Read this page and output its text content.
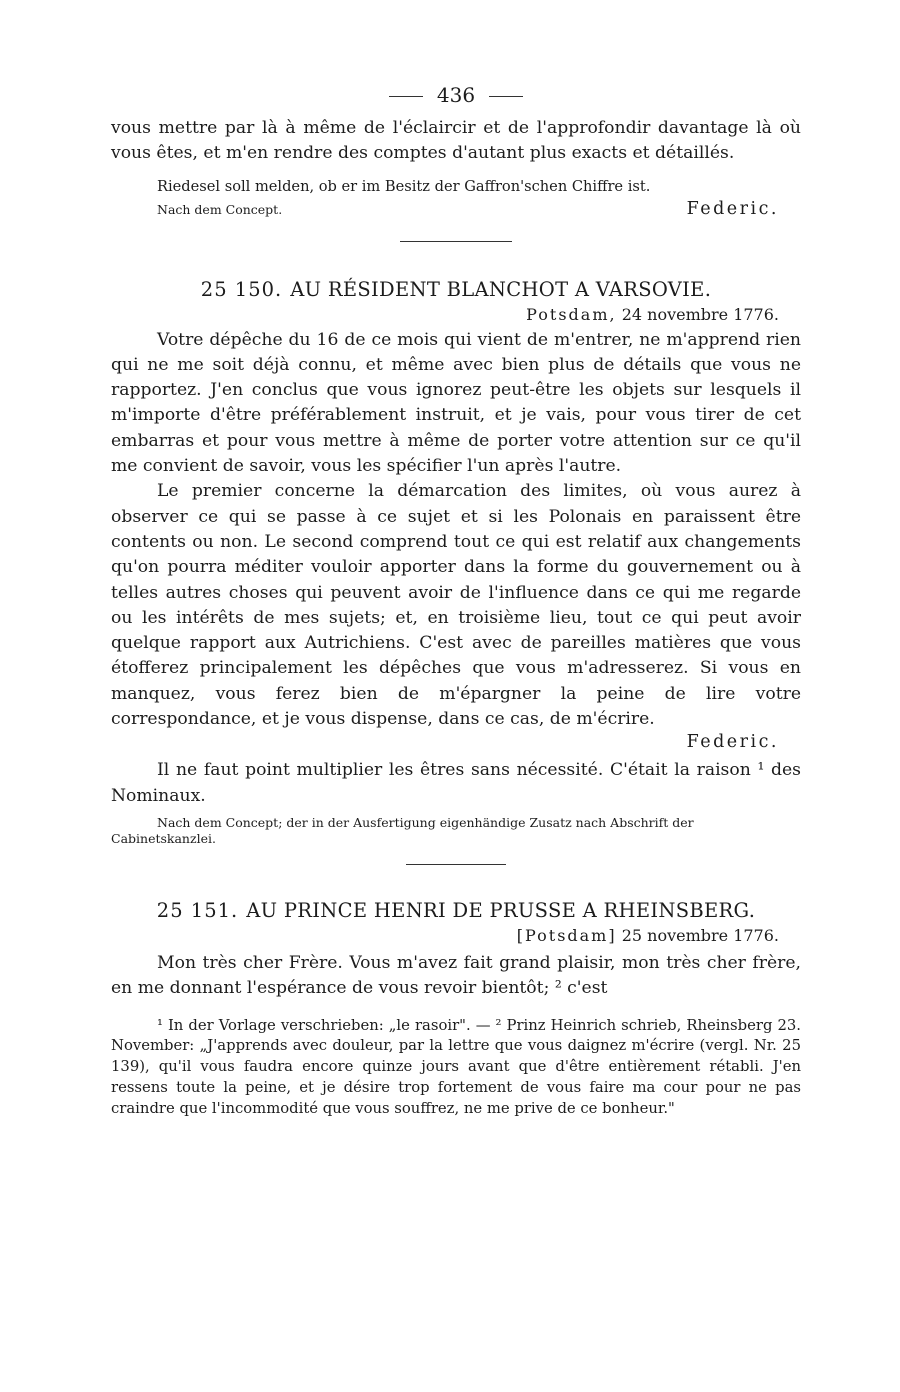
436

vous mettre par là à même de l'éclaircir et de l'approfondir davantage là où vous êtes, et m'en rendre des comptes d'autant plus exacts et détaillés.

Riedesel soll melden, ob er im Besitz der Gaffron'schen Chiffre ist.

Nach dem Concept.	Federic.
25 150. AU RÉSIDENT BLANCHOT A VARSOVIE.
Potsdam, 24 novembre 1776.

Votre dépêche du 16 de ce mois qui vient de m'entrer, ne m'apprend rien qui ne me soit déjà connu, et même avec bien plus de détails que vous ne rapportez. J'en conclus que vous ignorez peut-être les objets sur lesquels il m'importe d'être préférablement instruit, et je vais, pour vous tirer de cet embarras et pour vous mettre à même de porter votre attention sur ce qu'il me convient de savoir, vous les spécifier l'un après l'autre.

Le premier concerne la démarcation des limites, où vous aurez à observer ce qui se passe à ce sujet et si les Polonais en paraissent être contents ou non. Le second comprend tout ce qui est relatif aux changements qu'on pourra méditer vouloir apporter dans la forme du gouvernement ou à telles autres choses qui peuvent avoir de l'influence dans ce qui me regarde ou les intérêts de mes sujets; et, en troisième lieu, tout ce qui peut avoir quelque rapport aux Autrichiens. C'est avec de pareilles matières que vous étofferez principalement les dépêches que vous m'adresserez. Si vous en manquez, vous ferez bien de m'épargner la peine de lire votre correspondance, et je vous dispense, dans ce cas, de m'écrire.

Federic.

Il ne faut point multiplier les êtres sans nécessité. C'était la raison ¹ des Nominaux.

Nach dem Concept; der in der Ausfertigung eigenhändige Zusatz nach Abschrift der Cabinetskanzlei.

25 151. AU PRINCE HENRI DE PRUSSE A RHEINSBERG.
[Potsdam] 25 novembre 1776.

Mon très cher Frère. Vous m'avez fait grand plaisir, mon très cher frère, en me donnant l'espérance de vous revoir bientôt; ² c'est

¹ In der Vorlage verschrieben: „le rasoir". — ² Prinz Heinrich schrieb, Rheinsberg 23. November: „J'apprends avec douleur, par la lettre que vous daignez m'écrire (vergl. Nr. 25 139), qu'il vous faudra encore quinze jours avant que d'être entièrement rétabli. J'en ressens toute la peine, et je désire trop fortement de vous faire ma cour pour ne pas craindre que l'incommodité que vous souffrez, ne me prive de ce bonheur."
